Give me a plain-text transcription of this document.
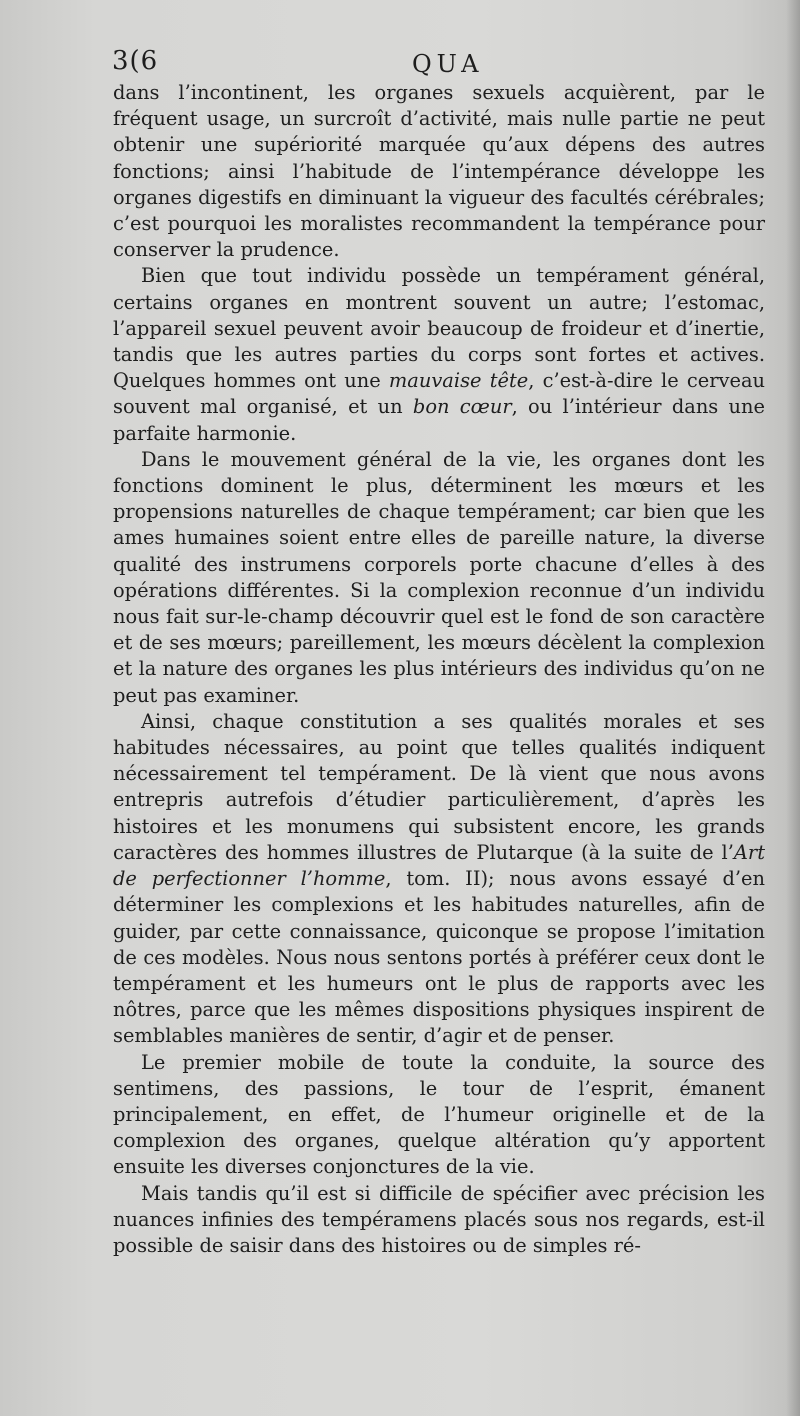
3(6	QUA

dans l’incontinent, les organes sexuels acquièrent, par le fréquent usage, un surcroît d’activité, mais nulle partie ne peut obtenir une supériorité marquée qu’aux dépens des autres fonctions; ainsi l’habitude de l’intempérance développe les organes digestifs en diminuant la vigueur des facultés cérébrales; c’est pourquoi les moralistes recommandent la tempérance pour conserver la prudence.

Bien que tout individu possède un tempérament général, certains organes en montrent souvent un autre; l’estomac, l’appareil sexuel peuvent avoir beaucoup de froideur et d’inertie, tandis que les autres parties du corps sont fortes et actives. Quelques hommes ont une mauvaise tête, c’est-à-dire le cerveau souvent mal organisé, et un bon cœur, ou l’intérieur dans une parfaite harmonie.

Dans le mouvement général de la vie, les organes dont les fonctions dominent le plus, déterminent les mœurs et les propensions naturelles de chaque tempérament; car bien que les ames humaines soient entre elles de pareille nature, la diverse qualité des instrumens corporels porte chacune d’elles à des opérations différentes. Si la complexion reconnue d’un individu nous fait sur-le-champ découvrir quel est le fond de son caractère et de ses mœurs; pareillement, les mœurs décèlent la complexion et la nature des organes les plus intérieurs des individus qu’on ne peut pas examiner.

Ainsi, chaque constitution a ses qualités morales et ses habitudes nécessaires, au point que telles qualités indiquent nécessairement tel tempérament. De là vient que nous avons entrepris autrefois d’étudier particulièrement, d’après les histoires et les monumens qui subsistent encore, les grands caractères des hommes illustres de Plutarque (à la suite de l’Art de perfectionner l’homme, tom. II); nous avons essayé d’en déterminer les complexions et les habitudes naturelles, afin de guider, par cette connaissance, quiconque se propose l’imitation de ces modèles. Nous nous sentons portés à préférer ceux dont le tempérament et les humeurs ont le plus de rapports avec les nôtres, parce que les mêmes dispositions physiques inspirent de semblables manières de sentir, d’agir et de penser.

Le premier mobile de toute la conduite, la source des sentimens, des passions, le tour de l’esprit, émanent principalement, en effet, de l’humeur originelle et de la complexion des organes, quelque altération qu’y apportent ensuite les diverses conjonctures de la vie.

Mais tandis qu’il est si difficile de spécifier avec précision les nuances infinies des tempéramens placés sous nos regards, est-il possible de saisir dans des histoires ou de simples ré-
